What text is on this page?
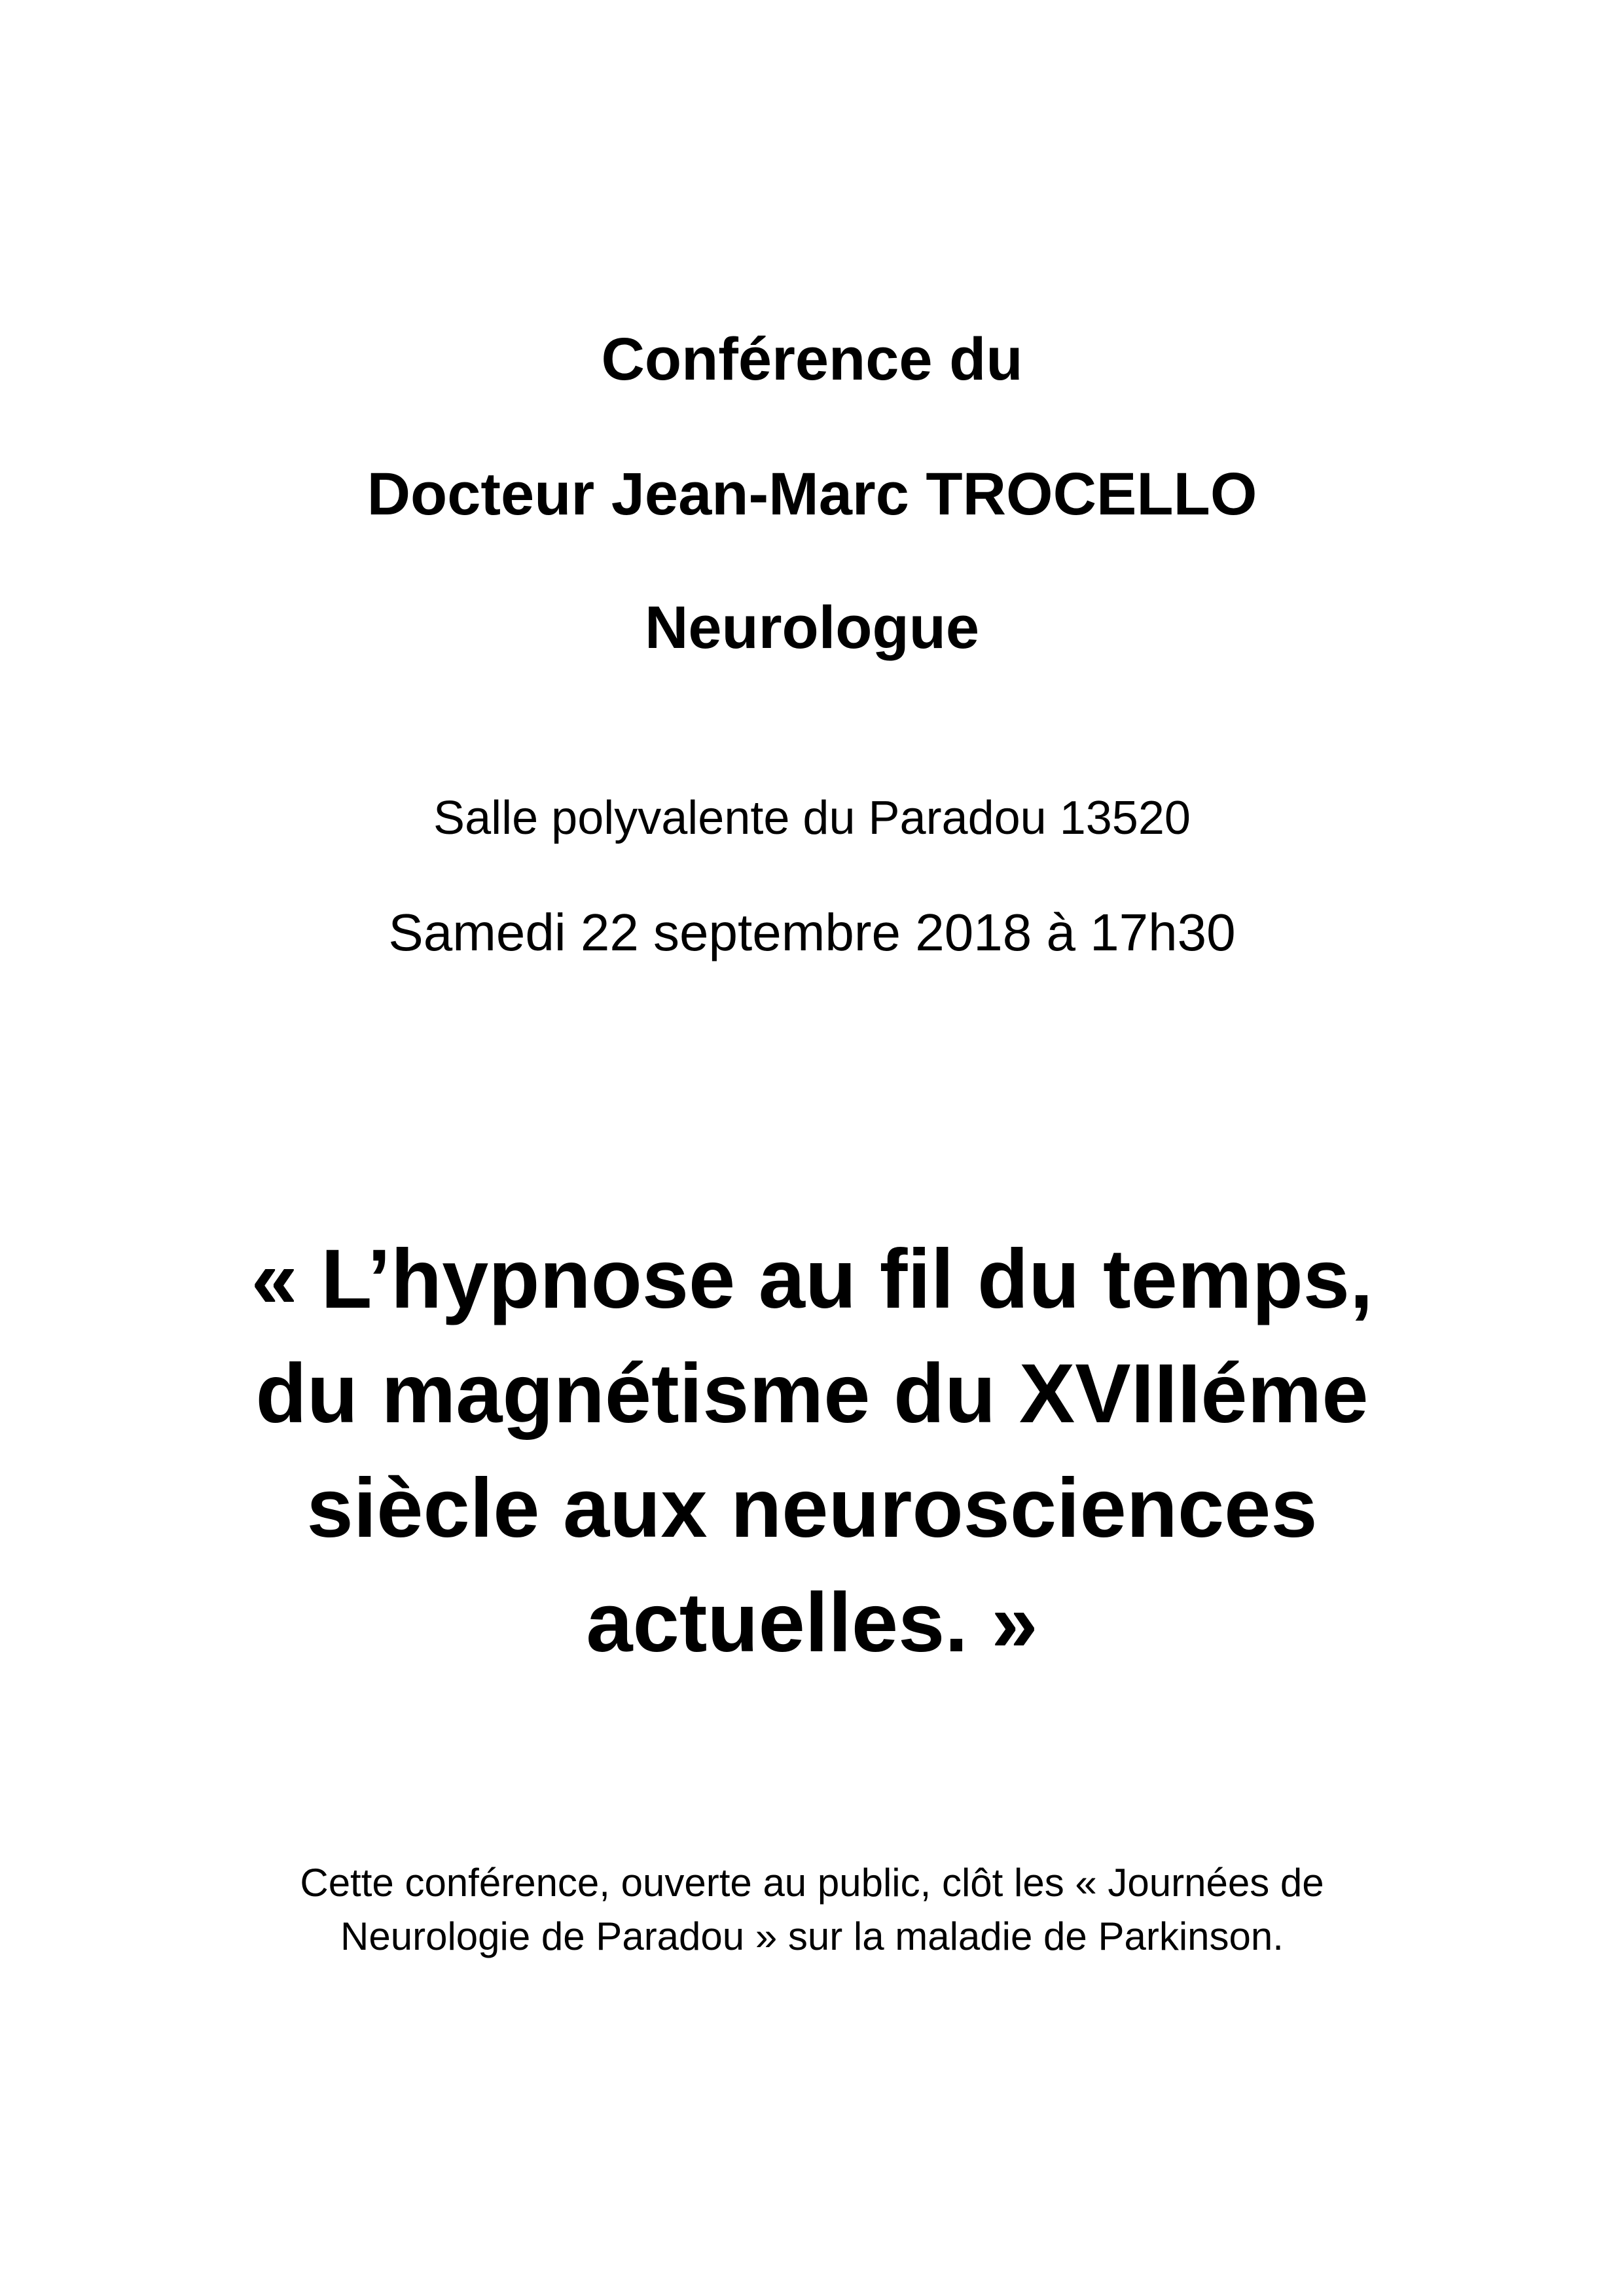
Conférence du
Docteur Jean-Marc TROCELLO
Neurologue
Salle polyvalente du Paradou 13520
Samedi 22 septembre 2018 à 17h30
« L’hypnose au fil du temps,
du magnétisme du XVIIIéme
siècle aux neurosciences
actuelles. »
Cette conférence, ouverte au public, clôt les « Journées de
Neurologie de Paradou » sur la maladie de Parkinson.
